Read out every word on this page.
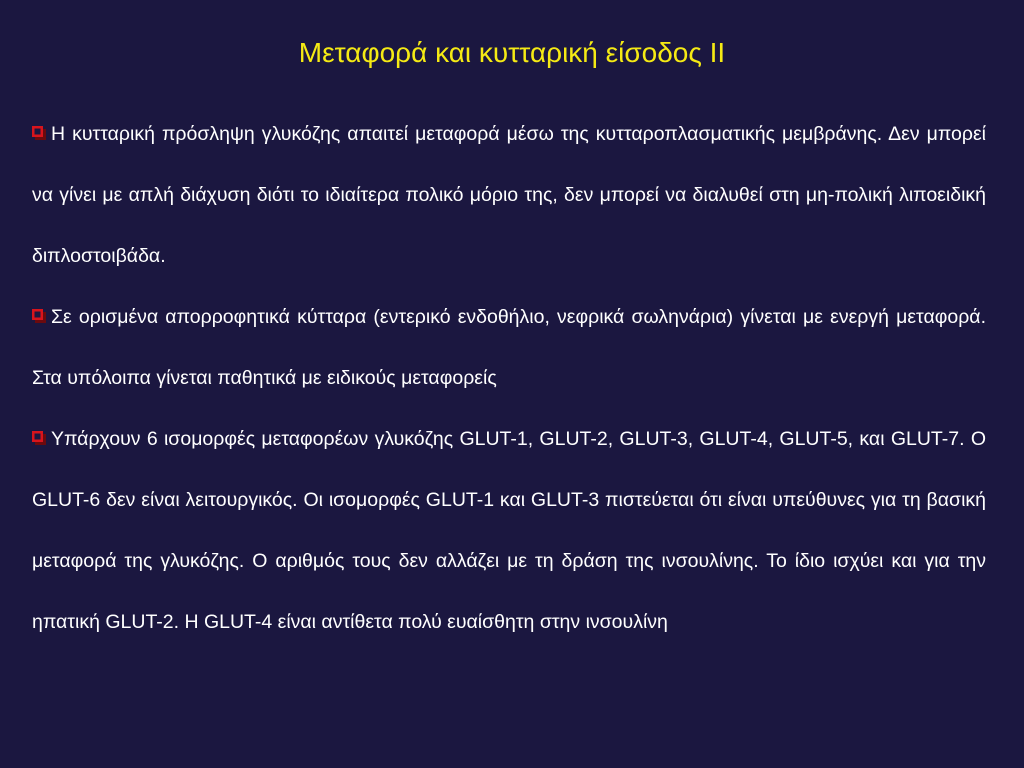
Μεταφορά και κυτταρική είσοδος ΙΙ

Η κυτταρική πρόσληψη γλυκόζης απαιτεί μεταφορά μέσω της κυτταροπλασματικής μεμβράνης. Δεν μπορεί να γίνει με απλή διάχυση διότι το ιδιαίτερα πολικό μόριο της, δεν μπορεί να διαλυθεί στη μη-πολική λιποειδική διπλοστοιβάδα.

Σε ορισμένα απορροφητικά κύτταρα (εντερικό ενδοθήλιο, νεφρικά σωληνάρια) γίνεται με ενεργή μεταφορά. Στα υπόλοιπα γίνεται παθητικά με ειδικούς μεταφορείς

Υπάρχουν 6 ισομορφές μεταφορέων γλυκόζης GLUT-1, GLUT-2, GLUT-3, GLUT-4, GLUT-5, και GLUT-7. Ο GLUT-6 δεν είναι λειτουργικός. Οι ισομορφές GLUT-1 και GLUT-3 πιστεύεται ότι είναι υπεύθυνες για τη βασική μεταφορά της γλυκόζης. Ο αριθμός τους δεν αλλάζει με τη δράση της ινσουλίνης. Το ίδιο ισχύει και για την ηπατική GLUT-2. Η GLUT-4 είναι αντίθετα πολύ ευαίσθητη στην ινσουλίνη
